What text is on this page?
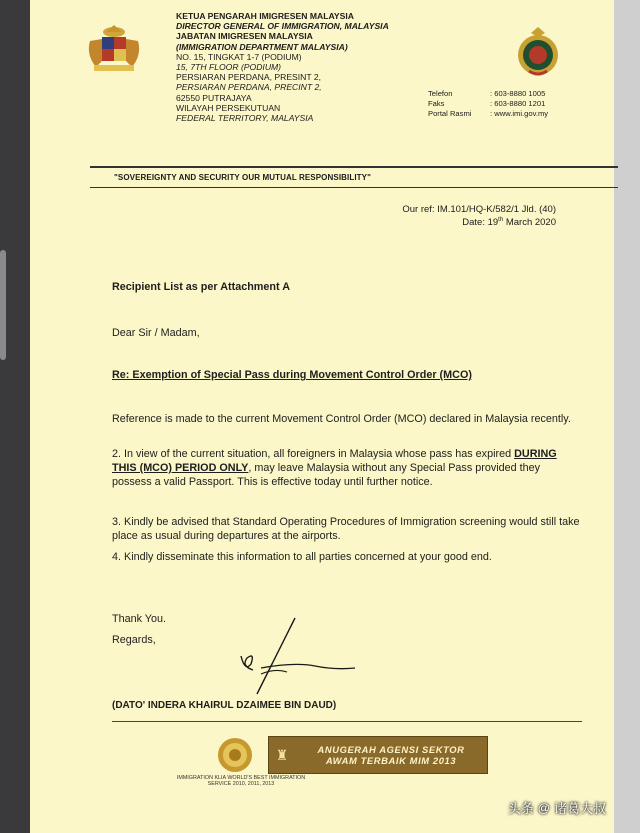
KETUA PENGARAH IMIGRESEN MALAYSIA
DIRECTOR GENERAL OF IMMIGRATION, MALAYSIA
JABATAN IMIGRESEN MALAYSIA
(IMMIGRATION DEPARTMENT MALAYSIA)
NO. 15, TINGKAT 1-7 (PODIUM)
15, 7TH FLOOR (PODIUM)
PERSIARAN PERDANA, PRESINT 2,
PERSIARAN PERDANA, PRECINT 2,
62550 PUTRAJAYA
WILAYAH PERSEKUTUAN
FEDERAL TERRITORY, MALAYSIA
Telefon	: 603-8880 1005
Faks	: 603-8880 1201
Portal Rasmi	: www.imi.gov.my
"SOVEREIGNTY AND SECURITY OUR MUTUAL RESPONSIBILITY"
Our ref: IM.101/HQ-K/582/1 Jld. (40)
Date: 19th March 2020
Recipient List as per Attachment A
Dear Sir / Madam,
Re: Exemption of Special Pass during Movement Control Order (MCO)
Reference is made to the current Movement Control Order (MCO) declared in Malaysia recently.
2. In view of the current situation, all foreigners in Malaysia whose pass has expired DURING THIS (MCO) PERIOD ONLY, may leave Malaysia without any Special Pass provided they possess a valid Passport. This is effective today until further notice.
3. Kindly be advised that Standard Operating Procedures of Immigration screening would still take place as usual during departures at the airports.
4. Kindly disseminate this information to all parties concerned at your good end.
Thank You.
Regards,
(DATO' INDERA KHAIRUL DZAIMEE BIN DAUD)
IMMIGRATION KLIA WORLD'S BEST IMMIGRATION SERVICE 2010, 2011, 2013
♜	ANUGERAH AGENSI SEKTOR
AWAM TERBAIK MIM 2013
头条 @ 诸葛大叔
